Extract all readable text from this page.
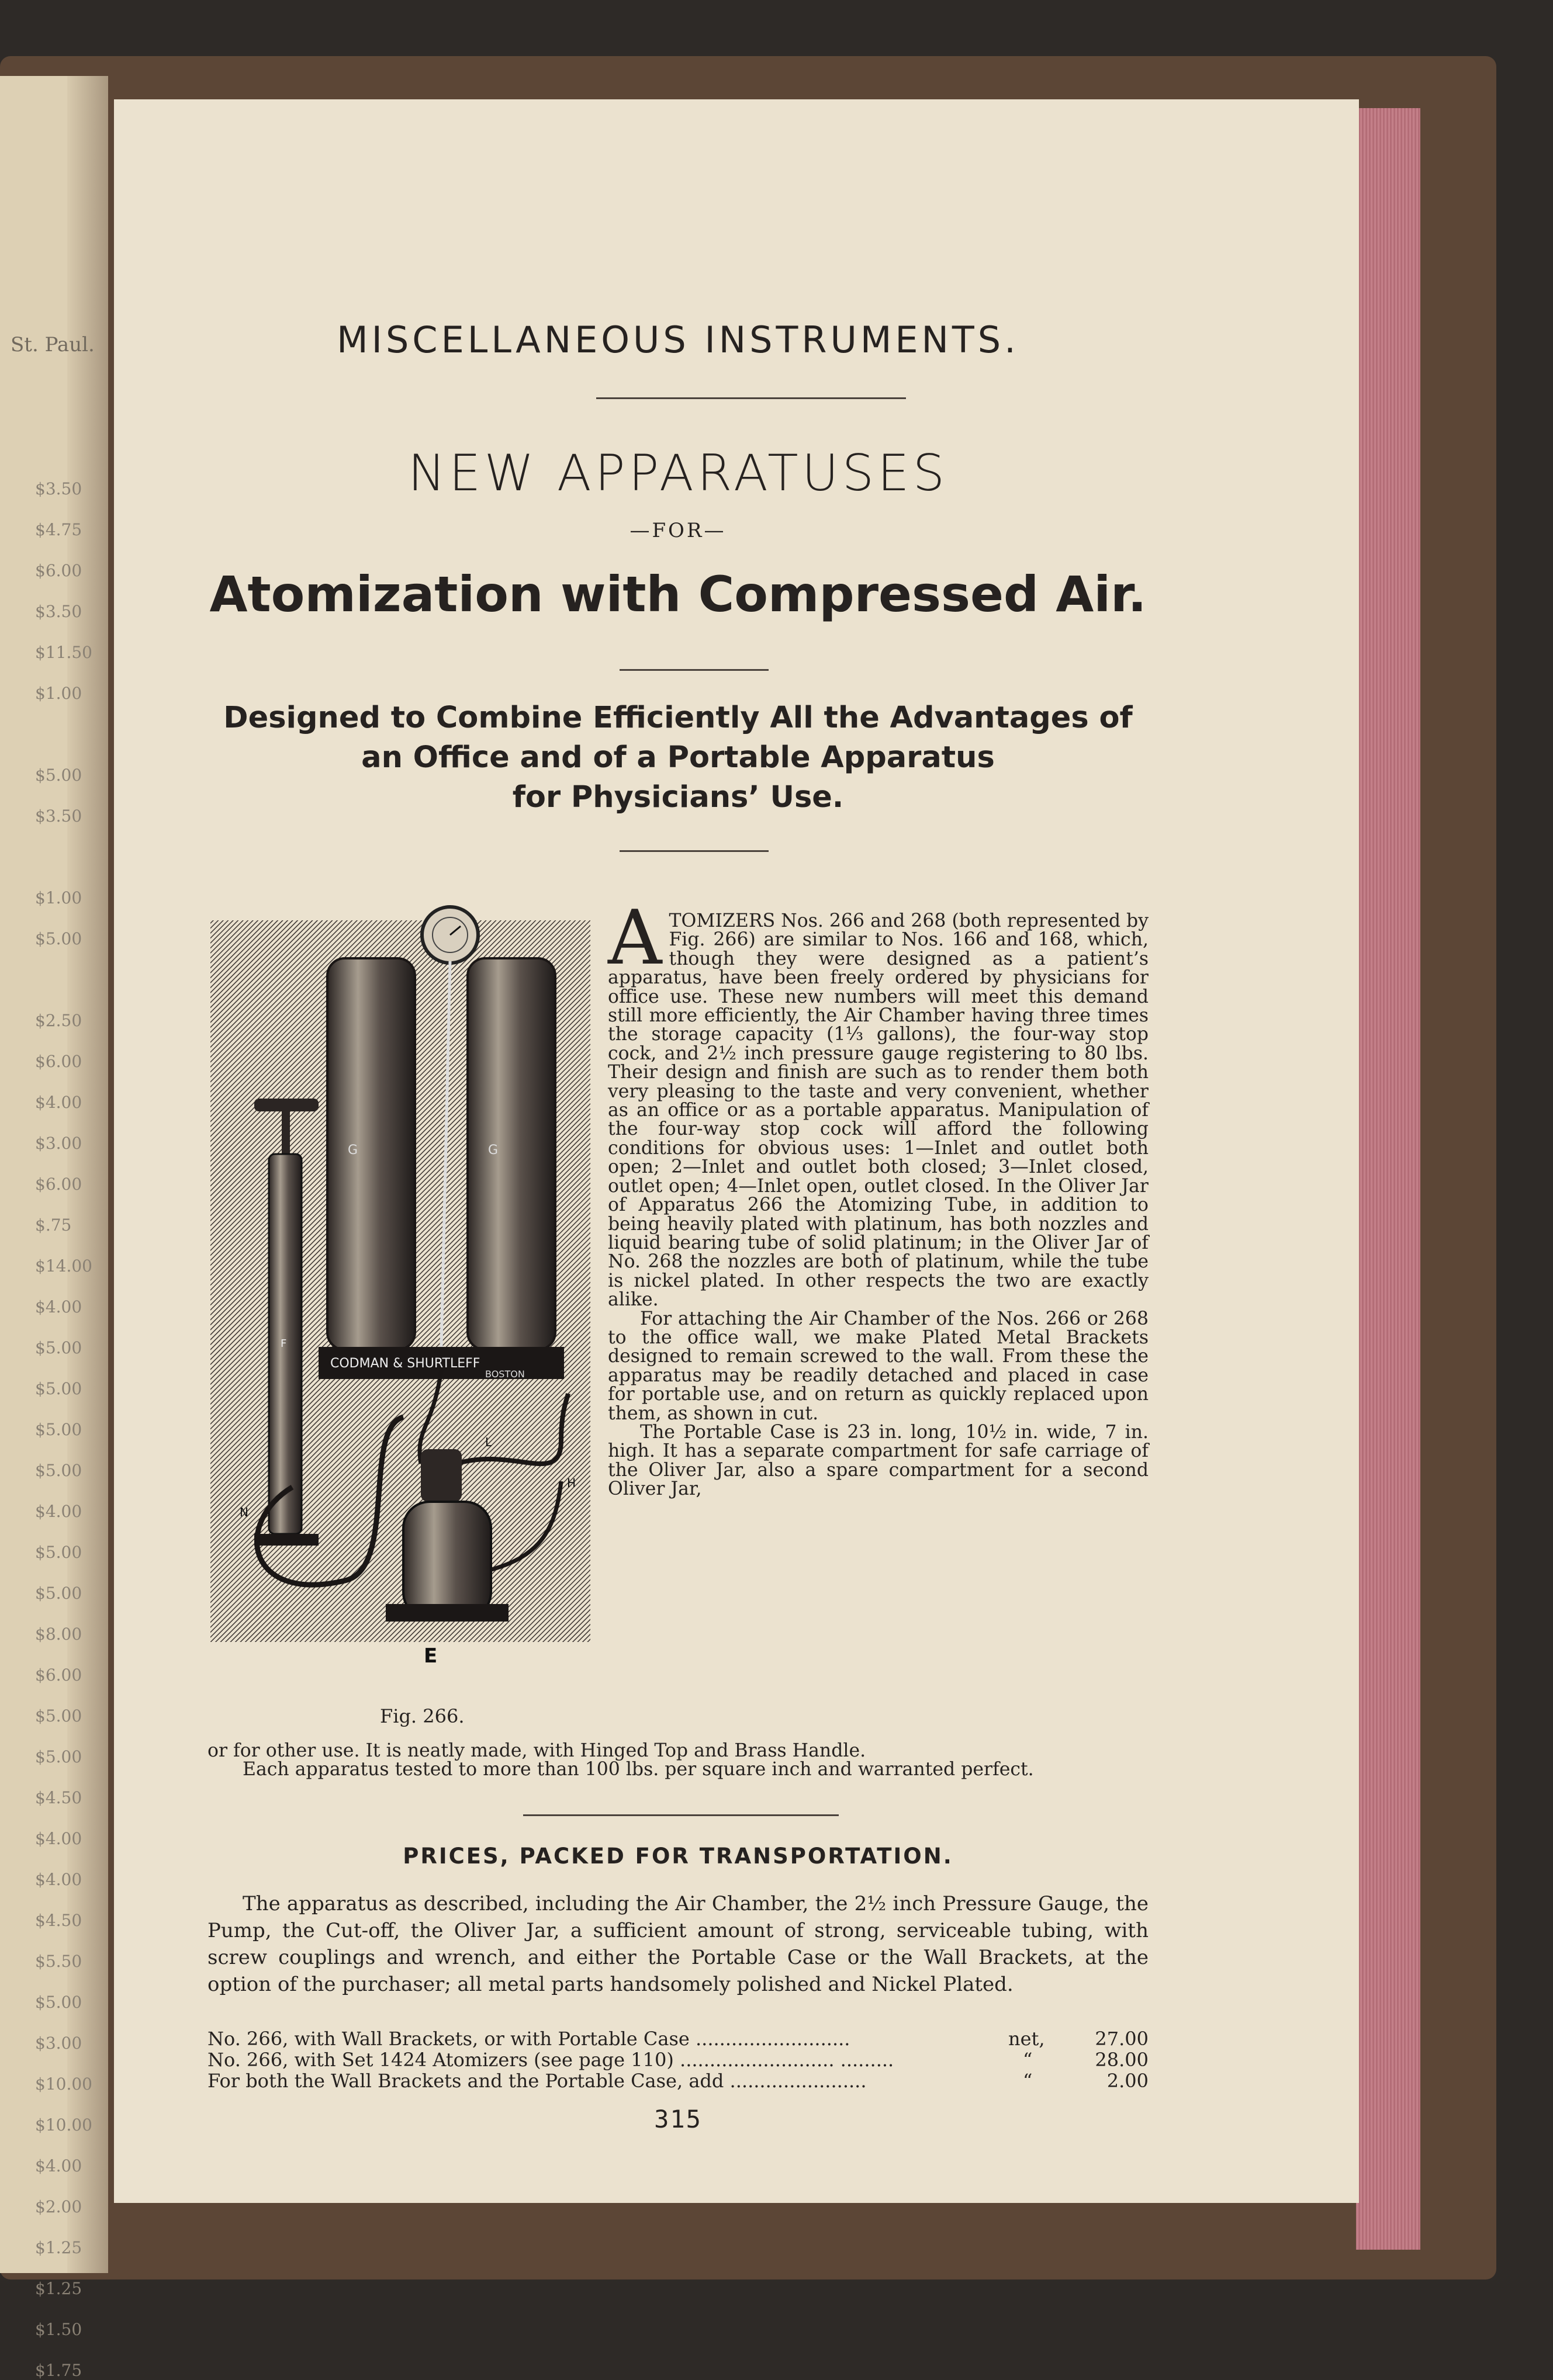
St. Paul.
$3.50
$4.75
$6.00
$3.50
$11.50
$1.00
$5.00
$3.50
$1.00
$5.00
$2.50
$6.00
$4.00
$3.00
$6.00
$.75
$14.00
$4.00
$5.00
$5.00
$5.00
$5.00
$4.00
$5.00
$5.00
$8.00
$6.00
$5.00
$5.00
$4.50
$4.00
$4.00
$4.50
$5.50
$5.00
$3.00
$10.00
$10.00
$4.00
$2.00
$1.25
$1.25
$1.50
$1.75
MISCELLANEOUS INSTRUMENTS.
NEW APPARATUSES
—FOR—
Atomization with Compressed Air.
Designed to Combine Efficiently All the Advantages of
an Office and of a Portable Apparatus
for Physicians’ Use.
G	G
CODMAN & SHURTLEFF
BOSTON
F
H
N
L
E
Fig. 266.
A TOMIZERS Nos. 266 and 268 (both represented by Fig. 266) are similar to Nos. 166 and 168, which, though they were designed as a patient’s apparatus, have been freely ordered by physicians for office use. These new numbers will meet this demand still more efficiently, the Air Chamber having three times the storage capacity (1⅓ gallons), the four-way stop cock, and 2½ inch pressure gauge registering to 80 lbs. Their design and finish are such as to render them both very pleasing to the taste and very convenient, whether as an office or as a portable apparatus. Manipulation of the four-way stop cock will afford the following conditions for obvious uses: 1—Inlet and outlet both open; 2—Inlet and outlet both closed; 3—Inlet closed, outlet open; 4—Inlet open, outlet closed. In the Oliver Jar of Apparatus 266 the Atomizing Tube, in addition to being heavily plated with platinum, has both nozzles and liquid bearing tube of solid platinum; in the Oliver Jar of No. 268 the nozzles are both of platinum, while the tube is nickel plated. In other respects the two are exactly alike.
For attaching the Air Chamber of the Nos. 266 or 268 to the office wall, we make Plated Metal Brackets designed to remain screwed to the wall. From these the apparatus may be readily detached and placed in case for portable use, and on return as quickly replaced upon them, as shown in cut.
The Portable Case is 23 in. long, 10½ in. wide, 7 in. high. It has a separate compartment for safe carriage of the Oliver Jar, also a spare compartment for a second Oliver Jar,
or for other use. It is neatly made, with Hinged Top and Brass Handle.
Each apparatus tested to more than 100 lbs. per square inch and warranted perfect.
PRICES, PACKED FOR TRANSPORTATION.
The apparatus as described, including the Air Chamber, the 2½ inch Pressure Gauge, the Pump, the Cut-off, the Oliver Jar, a sufficient amount of strong, serviceable tubing, with screw couplings and wrench, and either the Portable Case or the Wall Brackets, at the option of the purchaser; all metal parts handsomely polished and Nickel Plated.
No. 266, with Wall Brackets, or with Portable Case ..........................	net,	27.00
No. 266, with Set 1424 Atomizers (see page 110) .......................... .........	“	28.00
For both the Wall Brackets and the Portable Case, add .......................	“	2.00
315
